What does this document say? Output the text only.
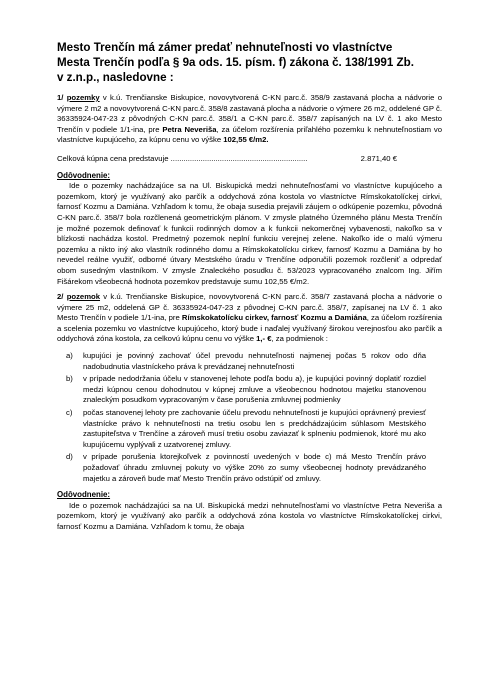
Mesto Trenčín má zámer predať nehnuteľnosti vo vlastníctve
Mesta Trenčín podľa § 9a ods. 15. písm. f) zákona č. 138/1991 Zb.
v z.n.p., nasledovne :

1/ pozemky v k.ú. Trenčianske Biskupice, novovytvorená C-KN parc.č. 358/9 zastavaná plocha a nádvorie o výmere 2 m2 a novovytvorená C-KN parc.č. 358/8 zastavaná plocha a nádvorie o výmere 26 m2, oddelené GP č. 36335924-047-23 z pôvodných C-KN parc.č. 358/1 a C-KN parc.č. 358/7 zapísaných na LV č. 1 ako Mesto Trenčín v podiele 1/1-ina, pre Petra Neveriša, za účelom rozšírenia priľahlého pozemku k nehnuteľnostiam vo vlastníctve kupujúceho, za kúpnu cenu vo výške 102,55 €/m2.

Celková kúpna cena predstavuje ................................................................	2.871,40 €
Odôvodnenie:

Ide o pozemky nachádzajúce sa na Ul. Biskupická medzi nehnuteľnosťami vo vlastníctve kupujúceho a pozemkom, ktorý je využívaný ako parčík a oddychová zóna kostola vo vlastníctve Rímskokatolíckej cirkvi, farnosť Kozmu a Damiána. Vzhľadom k tomu, že obaja susedia prejavili záujem o odkúpenie pozemku, pôvodná C-KN parc.č. 358/7 bola rozčlenená geometrickým plánom. V zmysle platného Územného plánu Mesta Trenčín je možné pozemok definovať k funkcii rodinných domov a k funkcii nekomerčnej vybavenosti, nakoľko sa v blízkosti nachádza kostol. Predmetný pozemok neplní funkciu verejnej zelene. Nakoľko ide o malú výmeru pozemku a nikto iný ako vlastník rodinného domu a Rímskokatolícku cirkev, farnosť Kozmu a Damiána by ho nevedel reálne využiť, odborné útvary Mestského úradu v Trenčíne odporučili pozemok rozčleniť a odpredať obom susedným vlastníkom. V zmysle Znaleckého posudku č. 53/2023 vypracovaného znalcom Ing. Jiřím Fišárekom všeobecná hodnota pozemkov predstavuje sumu 102,55 €/m2.

2/ pozemok v k.ú. Trenčianske Biskupice, novovytvorená C-KN parc.č. 358/7 zastavaná plocha a nádvorie o výmere 25 m2, oddelená GP č. 36335924-047-23 z pôvodnej C-KN parc.č. 358/7, zapísanej na LV č. 1 ako Mesto Trenčín v podiele 1/1-ina, pre Rímskokatolícku cirkev, farnosť Kozmu a Damiána, za účelom rozšírenia a scelenia pozemku vo vlastníctve kupujúceho, ktorý bude i naďalej využívaný širokou verejnosťou ako parčík a oddychová zóna kostola, za celkovú kúpnu cenu vo výške 1,- €, za podmienok :

a)	kupujúci je povinný zachovať účel prevodu nehnuteľnosti najmenej počas 5 rokov odo dňa nadobudnutia vlastníckeho práva k prevádzanej nehnuteľnosti
b)	v prípade nedodržania účelu v stanovenej lehote podľa bodu a), je kupujúci povinný doplatiť rozdiel medzi kúpnou cenou dohodnutou v kúpnej zmluve a všeobecnou hodnotou majetku stanovenou znaleckým posudkom vypracovaným v čase porušenia zmluvnej podmienky
c)	počas stanovenej lehoty pre zachovanie účelu prevodu nehnuteľnosti je kupujúci oprávnený previesť vlastnícke právo k nehnuteľnosti na tretiu osobu len s predchádzajúcim súhlasom Mestského zastupiteľstva v Trenčíne a zároveň musí tretiu osobu zaviazať k splneniu podmienok, ktoré mu ako kupujúcemu vyplývali z uzatvorenej zmluvy.
d)	v prípade porušenia ktorejkoľvek z povinností uvedených v bode c) má Mesto Trenčín právo požadovať úhradu zmluvnej pokuty vo výške 20% zo sumy všeobecnej hodnoty prevádzaného majetku a zároveň bude mať Mesto Trenčín právo odstúpiť od zmluvy.
Odôvodnenie:

Ide o pozemok nachádzajúci sa na Ul. Biskupická medzi nehnuteľnosťami vo vlastníctve Petra Neveriša a pozemkom, ktorý je využívaný ako parčík a oddychová zóna kostola vo vlastníctve Rímskokatolíckej cirkvi, farnosť Kozmu a Damiána. Vzhľadom k tomu, že obaja
